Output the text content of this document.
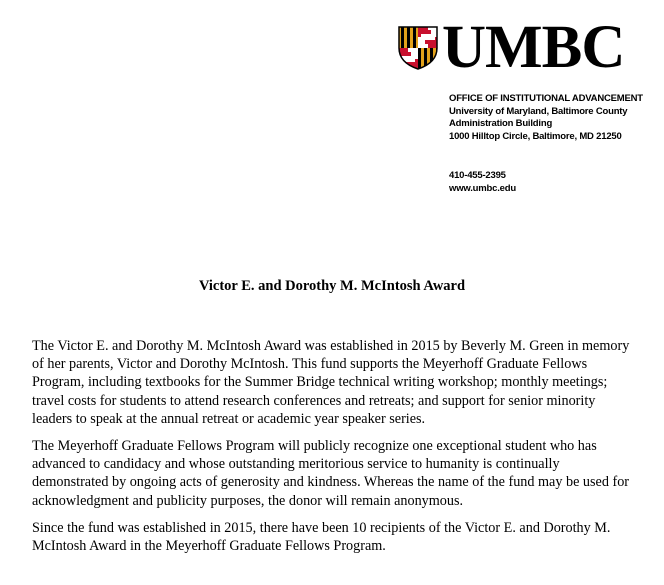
UMBC
OFFICE OF INSTITUTIONAL ADVANCEMENT
University of Maryland, Baltimore County
Administration Building
1000 Hilltop Circle, Baltimore, MD 21250
410-455-2395
www.umbc.edu
Victor E. and Dorothy M. McIntosh Award

The Victor E. and Dorothy M. McIntosh Award was established in 2015 by Beverly M. Green in memory of her parents, Victor and Dorothy McIntosh. This fund supports the Meyerhoff Graduate Fellows Program, including textbooks for the Summer Bridge technical writing workshop; monthly meetings; travel costs for students to attend research conferences and retreats; and support for senior minority leaders to speak at the annual retreat or academic year speaker series.

The Meyerhoff Graduate Fellows Program will publicly recognize one exceptional student who has advanced to candidacy and whose outstanding meritorious service to humanity is continually demonstrated by ongoing acts of generosity and kindness. Whereas the name of the fund may be used for acknowledgment and publicity purposes, the donor will remain anonymous.

Since the fund was established in 2015, there have been 10 recipients of the Victor E. and Dorothy M. McIntosh Award in the Meyerhoff Graduate Fellows Program.
